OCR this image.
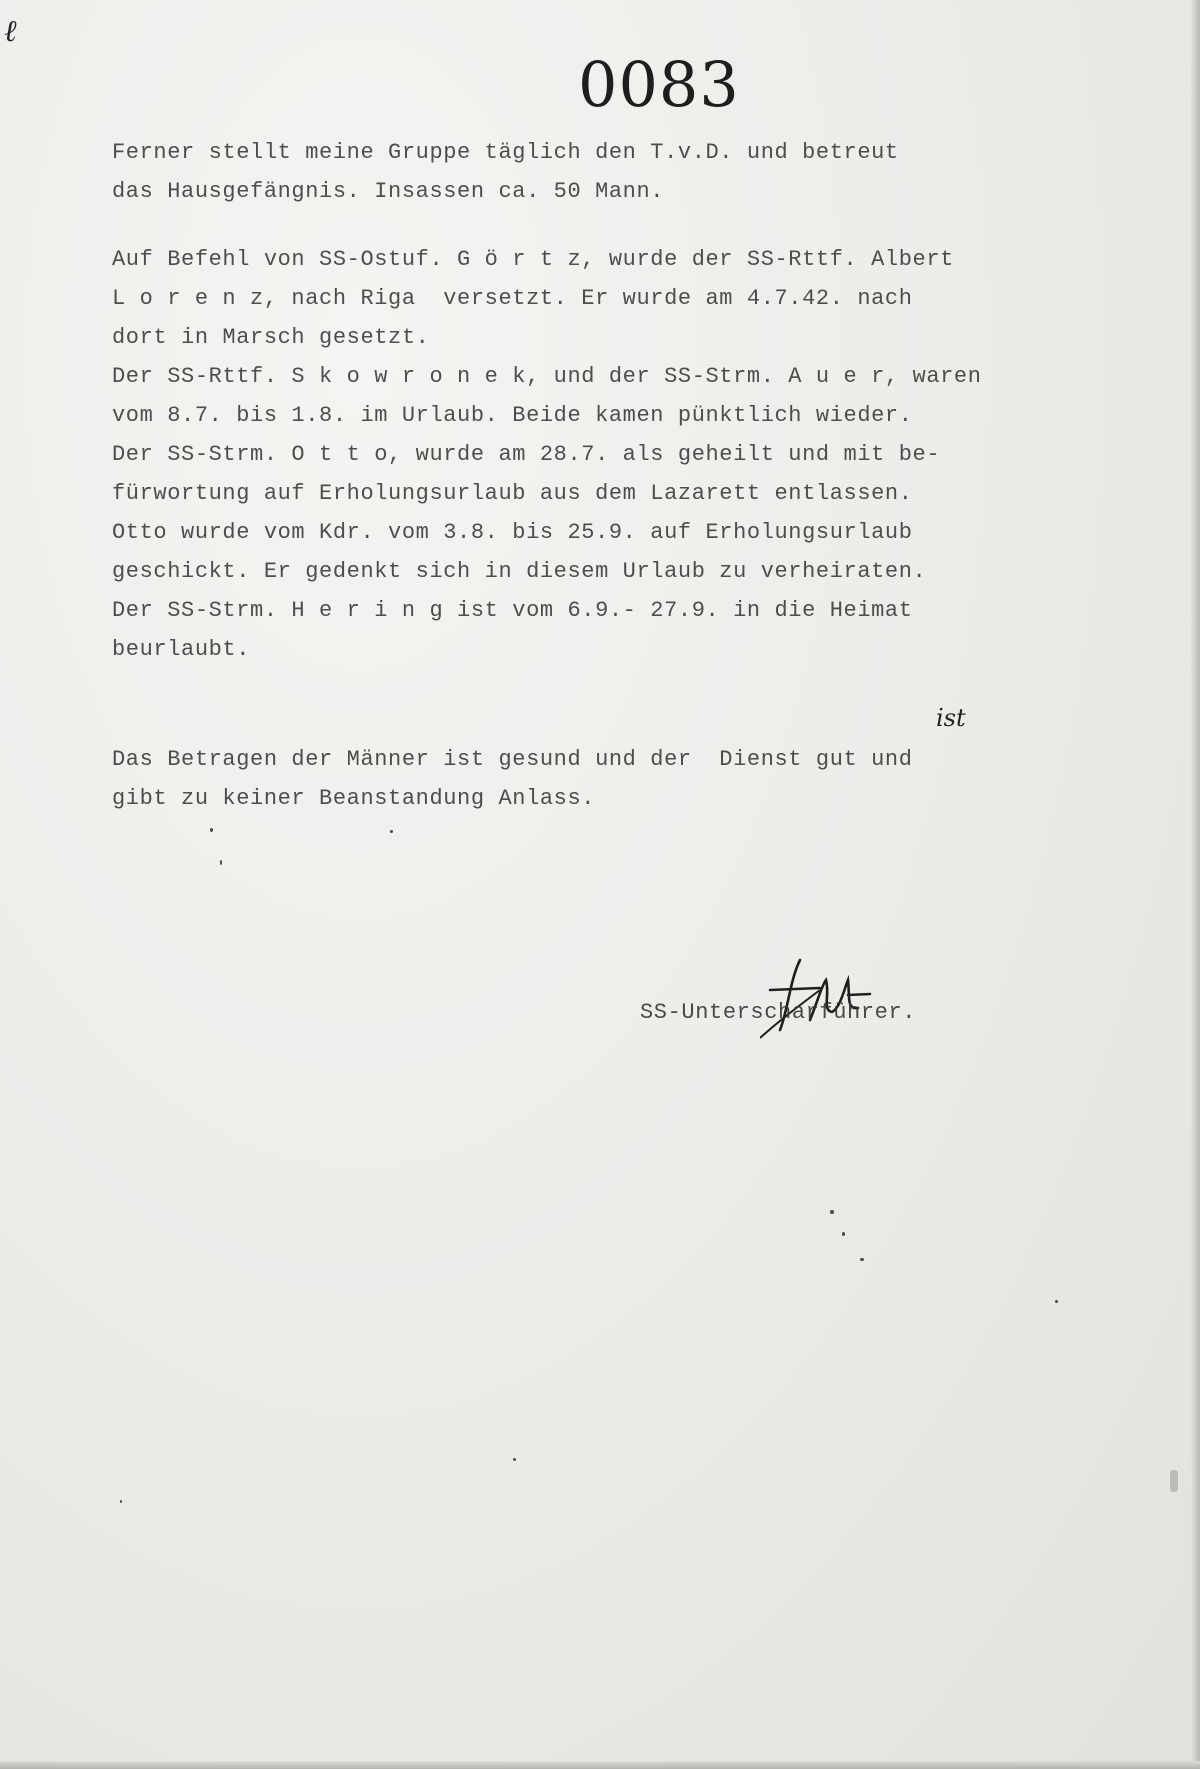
ℓ
0083
Ferner stellt meine Gruppe täglich den T.v.D. und betreut
das Hausgefängnis. Insassen ca. 50 Mann.
Auf Befehl von SS-Ostuf. G ö r t z, wurde der SS-Rttf. Albert
L o r e n z, nach Riga  versetzt. Er wurde am 4.7.42. nach
dort in Marsch gesetzt.
Der SS-Rttf. S k o w r o n e k, und der SS-Strm. A u e r, waren
vom 8.7. bis 1.8. im Urlaub. Beide kamen pünktlich wieder.
Der SS-Strm. O t t o, wurde am 28.7. als geheilt und mit be-
fürwortung auf Erholungsurlaub aus dem Lazarett entlassen.
Otto wurde vom Kdr. vom 3.8. bis 25.9. auf Erholungsurlaub
geschickt. Er gedenkt sich in diesem Urlaub zu verheiraten.
Der SS-Strm. H e r i n g ist vom 6.9.- 27.9. in die Heimat
beurlaubt.
ist
Das Betragen der Männer ist gesund und der  Dienst gut und
gibt zu keiner Beanstandung Anlass.
SS-Unterscharführer.
